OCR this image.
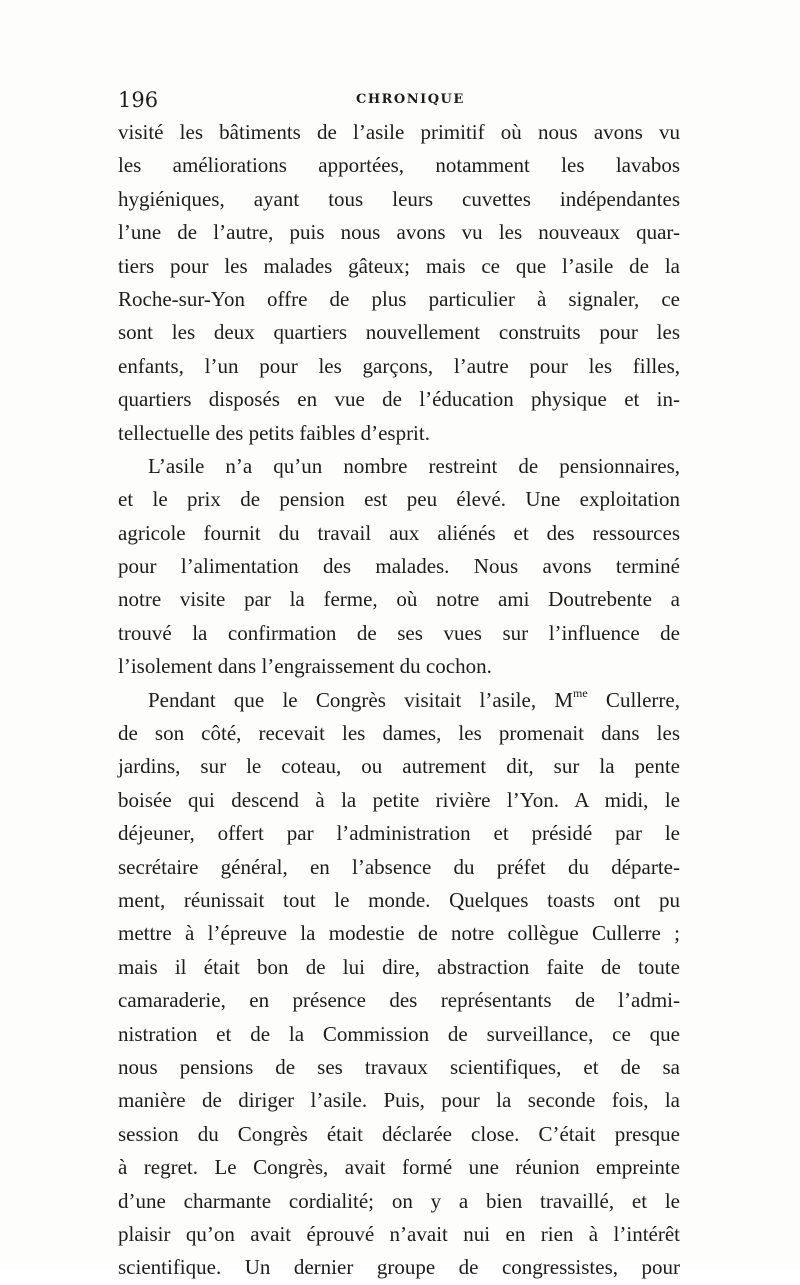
196	CHRONIQUE
visité les bâtiments de l’asile primitif où nous avons vu
les améliorations apportées, notamment les lavabos
hygiéniques, ayant tous leurs cuvettes indépendantes
l’une de l’autre, puis nous avons vu les nouveaux quar-
tiers pour les malades gâteux; mais ce que l’asile de la
Roche-sur-Yon offre de plus particulier à signaler, ce
sont les deux quartiers nouvellement construits pour les
enfants, l’un pour les garçons, l’autre pour les filles,
quartiers disposés en vue de l’éducation physique et in-
tellectuelle des petits faibles d’esprit.
L’asile n’a qu’un nombre restreint de pensionnaires,
et le prix de pension est peu élevé. Une exploitation
agricole fournit du travail aux aliénés et des ressources
pour l’alimentation des malades. Nous avons terminé
notre visite par la ferme, où notre ami Doutrebente a
trouvé la confirmation de ses vues sur l’influence de
l’isolement dans l’engraissement du cochon.
Pendant que le Congrès visitait l’asile, $M^{me}$ Cullerre,
de son côté, recevait les dames, les promenait dans les
jardins, sur le coteau, ou autrement dit, sur la pente
boisée qui descend à la petite rivière l’Yon. A midi, le
déjeuner, offert par l’administration et présidé par le
secrétaire général, en l’absence du préfet du départe-
ment, réunissait tout le monde. Quelques toasts ont pu
mettre à l’épreuve la modestie de notre collègue Cullerre ;
mais il était bon de lui dire, abstraction faite de toute
camaraderie, en présence des représentants de l’admi-
nistration et de la Commission de surveillance, ce que
nous pensions de ses travaux scientifiques, et de sa
manière de diriger l’asile. Puis, pour la seconde fois, la
session du Congrès était déclarée close. C’était presque
à regret. Le Congrès, avait formé une réunion empreinte
d’une charmante cordialité; on y a bien travaillé, et le
plaisir qu’on avait éprouvé n’avait nui en rien à l’intérêt
scientifique. Un dernier groupe de congressistes, pour
